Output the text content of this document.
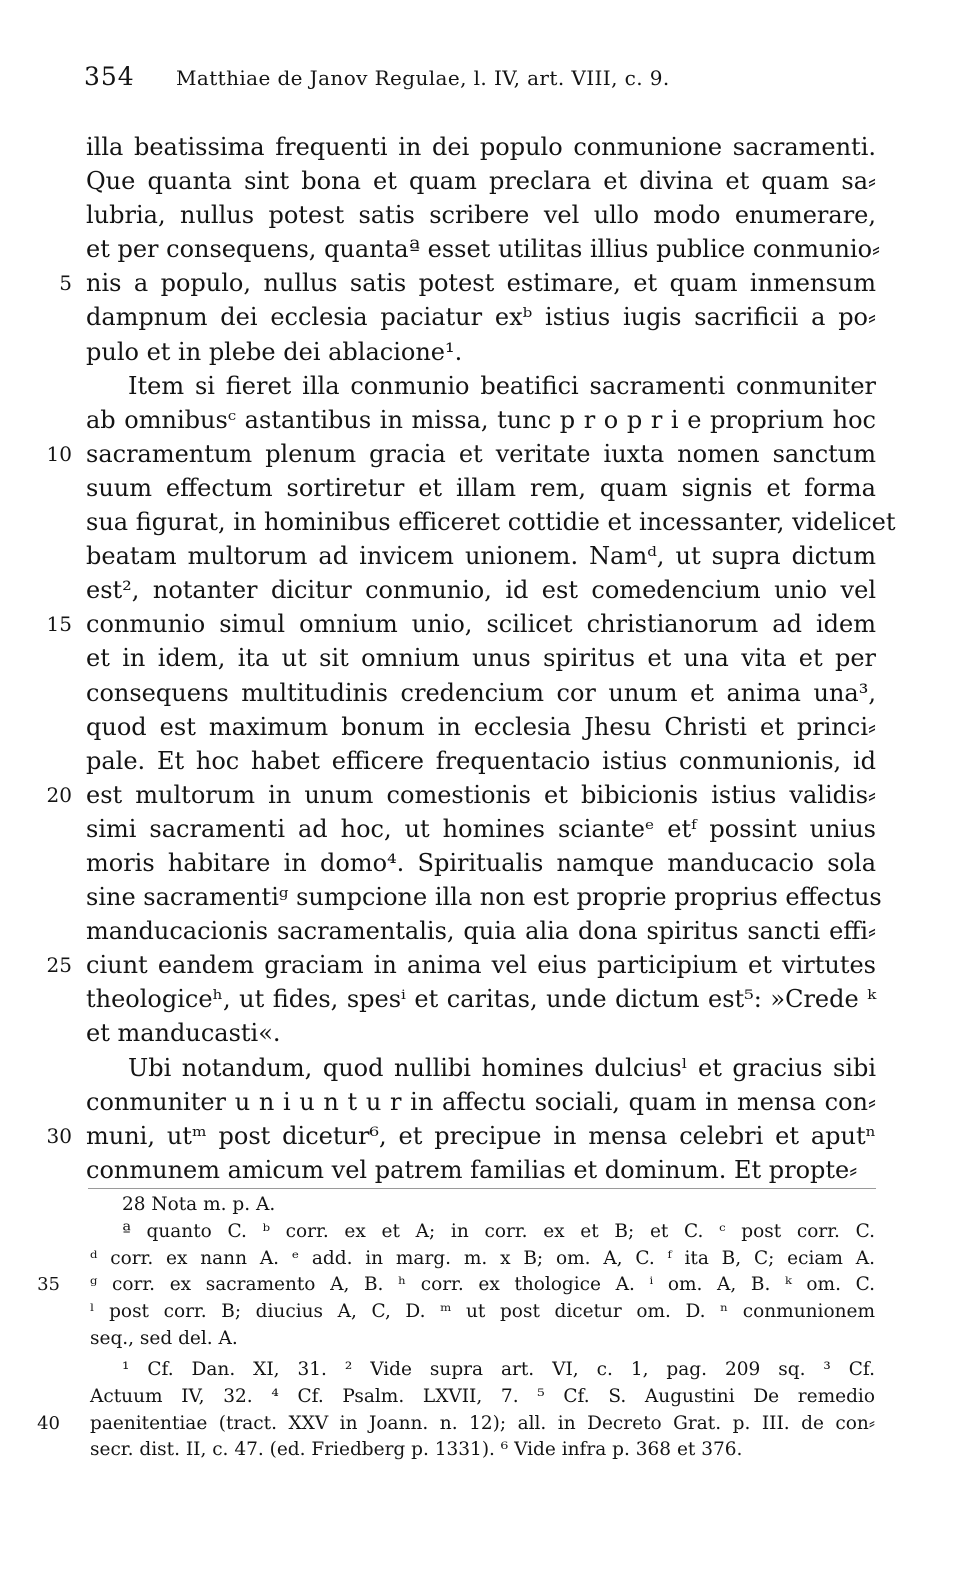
354 Matthiae de Janov Regulae, l. IV, art. VIII, c. 9.
illa beatissima frequenti in dei populo conmunione sacramenti.
Que quanta sint bona et quam preclara et divina et quam sa⸗
lubria, nullus potest satis scribere vel ullo modo enumerare,
et per consequens, quantaª esset utilitas illius publice conmunio⸗
5 nis a populo, nullus satis potest estimare, et quam inmensum
dampnum dei ecclesia paciatur exᵇ istius iugis sacrificii a po⸗
pulo et in plebe dei ablacione¹.
Item si fieret illa conmunio beatifici sacramenti conmuniter
ab omnibusᶜ astantibus in missa, tunc p r o p r i e proprium hoc
10 sacramentum plenum gracia et veritate iuxta nomen sanctum
suum effectum sortiretur et illam rem, quam signis et forma
sua figurat, in hominibus efficeret cottidie et incessanter, videlicet
beatam multorum ad invicem unionem. Namᵈ, ut supra dictum
est², notanter dicitur conmunio, id est comedencium unio vel
15 conmunio simul omnium unio, scilicet christianorum ad idem
et in idem, ita ut sit omnium unus spiritus et una vita et per
consequens multitudinis credencium cor unum et anima una³,
quod est maximum bonum in ecclesia Jhesu Christi et princi⸗
pale. Et hoc habet efficere frequentacio istius conmunionis, id
20 est multorum in unum comestionis et bibicionis istius validis⸗
simi sacramenti ad hoc, ut homines scianteᵉ etᶠ possint unius
moris habitare in domo⁴. Spiritualis namque manducacio sola
sine sacramentiᵍ sumpcione illa non est proprie proprius effectus
manducacionis sacramentalis, quia alia dona spiritus sancti effi⸗
25 ciunt eandem graciam in anima vel eius participium et virtutes
theologiceʰ, ut fides, spesⁱ et caritas, unde dictum est⁵: »Crede ᵏ
et manducasti«.
Ubi notandum, quod nullibi homines dulciusˡ et gracius sibi
conmuniter u n i u n t u r in affectu sociali, quam in mensa con⸗
30 muni, utᵐ post dicetur⁶, et precipue in mensa celebri et aputⁿ
conmunem amicum vel patrem familias et dominum. Et propte⸗
28 Nota m. p. A.
ª quanto C. ᵇ corr. ex et A; in corr. ex et B; et C. ᶜ post corr. C.
ᵈ corr. ex nann A. ᵉ add. in marg. m. x B; om. A, C. ᶠ ita B, C; eciam A.
35 ᵍ corr. ex sacramento A, B. ʰ corr. ex thologice A. ⁱ om. A, B. ᵏ om. C.
ˡ post corr. B; diucius A, C, D. ᵐ ut post dicetur om. D. ⁿ conmunionem
seq., sed del. A.
¹ Cf. Dan. XI, 31. ² Vide supra art. VI, c. 1, pag. 209 sq. ³ Cf.
Actuum IV, 32. ⁴ Cf. Psalm. LXVII, 7. ⁵ Cf. S. Augustini De remedio
40 paenitentiae (tract. XXV in Joann. n. 12); all. in Decreto Grat. p. III. de con⸗
secr. dist. II, c. 47. (ed. Friedberg p. 1331). ⁶ Vide infra p. 368 et 376.
